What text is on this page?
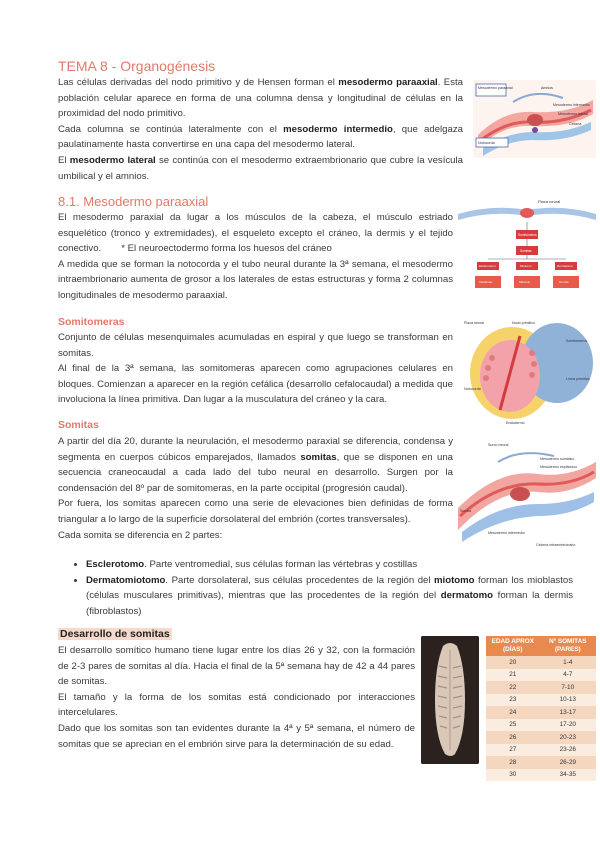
TEMA 8 - Organogénesis
Las células derivadas del nodo primitivo y de Hensen forman el mesodermo paraaxial. Esta población celular aparece en forma de una columna densa y longitudinal de células en la proximidad del nodo primitivo.
Cada columna se continúa lateralmente con el mesodermo intermedio, que adelgaza paulatinamente hasta convertirse en una capa del mesodermo lateral.
El mesodermo lateral se continúa con el mesodermo extraembrionario que cubre la vesícula umbilical y el amnios.
Mesodermo paraaxial	Amnios
Mesodermo intermedio
Mesodermo lateral
Celoma
Notocorda
8.1. Mesodermo paraaxial
El mesodermo paraxial da lugar a los músculos de la cabeza, el músculo estriado esquelético (tronco y extremidades), el esqueleto excepto el cráneo, la dermis y el tejido conectivo. * El neuroectodermo forma los huesos del cráneo
A medida que se forman la notocorda y el tubo neural durante la 3ª semana, el mesodermo intraembrionario aumenta de grosor a los laterales de estas estructuras y forma 2 columnas longitudinales de mesodermo paraaxial.
Placa neural
Somitómeros
Somitas
Esclerotomo	Miotomo	Dermatomo
Vértebras	Músculo	Dermis
Somitomeras
Conjunto de células mesenquimales acumuladas en espiral y que luego se transforman en somitas.
Al final de la 3ª semana, las somitomeras aparecen como agrupaciones celulares en bloques. Comienzan a aparecer en la región cefálica (desarrollo cefalocaudal) a medida que involuciona la línea primitiva. Dan lugar a la musculatura del cráneo y la cara.
Placa neural	Nodo primitivo
Somitómeros
Línea primitiva
Notocorda
Endodermo
Somitas
A partir del día 20, durante la neurulación, el mesodermo paraxial se diferencia, condensa y segmenta en cuerpos cúbicos emparejados, llamados somitas, que se disponen en una secuencia craneocaudal a cada lado del tubo neural en desarrollo. Surgen por la condensación del 8º par de somitomeras, en la parte occipital (progresión caudal).
Por fuera, los somitas aparecen como una serie de elevaciones bien definidas de forma triangular a lo largo de la superficie dorsolateral del embrión (cortes transversales).
Cada somita se diferencia en 2 partes:
• Esclerotomo. Parte ventromedial, sus células forman las vértebras y costillas
• Dermatomiotomo. Parte dorsolateral, sus células procedentes de la región del miotomo forman los mioblastos (células musculares primitivas), mientras que las procedentes de la región del dermatomo forman la dermis (fibroblastos)
Surco neural
Mesodermo somático
Mesodermo esplácnico
Somita
Mesodermo intermedio
Celoma intraembrionario
Desarrollo de somitas
El desarrollo somítico humano tiene lugar entre los días 26 y 32, con la formación de 2-3 pares de somitas al día. Hacia el final de la 5ª semana hay de 42 a 44 pares de somitas.
El tamaño y la forma de los somitas está condicionado por interacciones intercelulares.
Dado que los somitas son tan evidentes durante la 4ª y 5ª semana, el número de somitas que se aprecian en el embrión sirve para la determinación de su edad.
EDAD APROX (DÍAS)	Nº SOMITAS (PARES)
20	1-4
21	4-7
22	7-10
23	10-13
24	13-17
25	17-20
26	20-23
27	23-26
28	26-29
30	34-35
